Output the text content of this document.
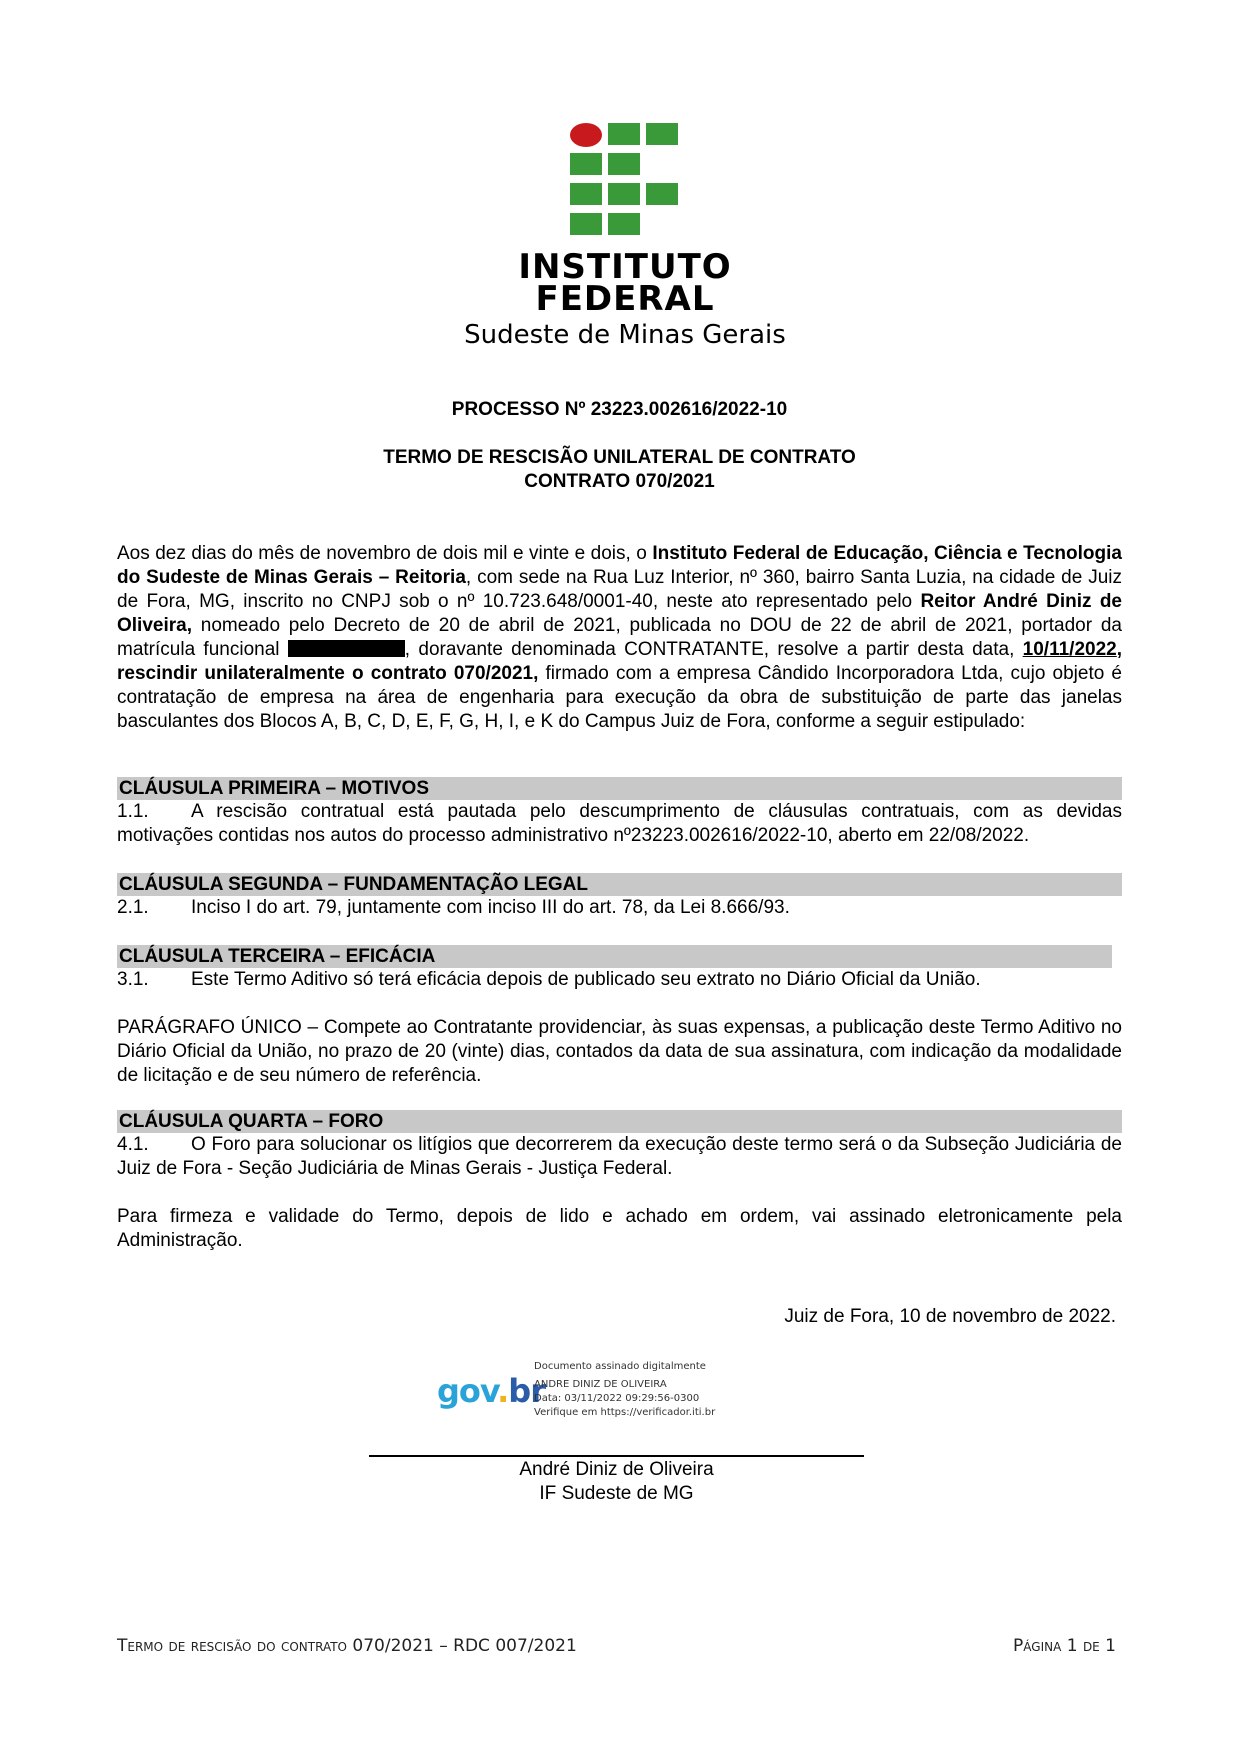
INSTITUTO
FEDERAL
Sudeste de Minas Gerais
PROCESSO Nº 23223.002616/2022-10
TERMO DE RESCISÃO UNILATERAL DE CONTRATO
CONTRATO 070/2021

Aos dez dias do mês de novembro de dois mil e vinte e dois, o Instituto Federal de Educação, Ciência e Tecnologia do Sudeste de Minas Gerais – Reitoria, com sede na Rua Luz Interior, nº 360, bairro Santa Luzia, na cidade de Juiz de Fora, MG, inscrito no CNPJ sob o nº 10.723.648/0001-40, neste ato representado pelo Reitor André Diniz de Oliveira, nomeado pelo Decreto de 20 de abril de 2021, publicada no DOU de 22 de abril de 2021, portador da matrícula funcional	, doravante denominada CONTRATANTE, resolve a partir desta data, 10/11/2022, rescindir unilateralmente o contrato 070/2021, firmado com a empresa Cândido Incorporadora Ltda, cujo objeto é contratação de empresa na área de engenharia para execução da obra de substituição de parte das janelas basculantes dos Blocos A, B, C, D, E, F, G, H, I, e K do Campus Juiz de Fora, conforme a seguir estipulado:

CLÁUSULA PRIMEIRA – MOTIVOS
1.1. A rescisão contratual está pautada pelo descumprimento de cláusulas contratuais, com as devidas motivações contidas nos autos do processo administrativo nº23223.002616/2022-10, aberto em 22/08/2022.
CLÁUSULA SEGUNDA – FUNDAMENTAÇÃO LEGAL
2.1. Inciso I do art. 79, juntamente com inciso III do art. 78, da Lei 8.666/93.
CLÁUSULA TERCEIRA – EFICÁCIA
3.1. Este Termo Aditivo só terá eficácia depois de publicado seu extrato no Diário Oficial da União.
PARÁGRAFO ÚNICO – Compete ao Contratante providenciar, às suas expensas, a publicação deste Termo Aditivo no Diário Oficial da União, no prazo de 20 (vinte) dias, contados da data de sua assinatura, com indicação da modalidade de licitação e de seu número de referência.
CLÁUSULA QUARTA – FORO
4.1. O Foro para solucionar os litígios que decorrerem da execução deste termo será o da Subseção Judiciária de Juiz de Fora - Seção Judiciária de Minas Gerais - Justiça Federal.
Para firmeza e validade do Termo, depois de lido e achado em ordem, vai assinado eletronicamente pela Administração.
Juiz de Fora, 10 de novembro de 2022.
gov.br
Documento assinado digitalmente
ANDRE DINIZ DE OLIVEIRA
Data: 03/11/2022 09:29:56-0300
Verifique em https://verificador.iti.br
André Diniz de Oliveira
IF Sudeste de MG
Termo de rescisão do contrato 070/2021 – RDC 007/2021	Página 1 de 1
